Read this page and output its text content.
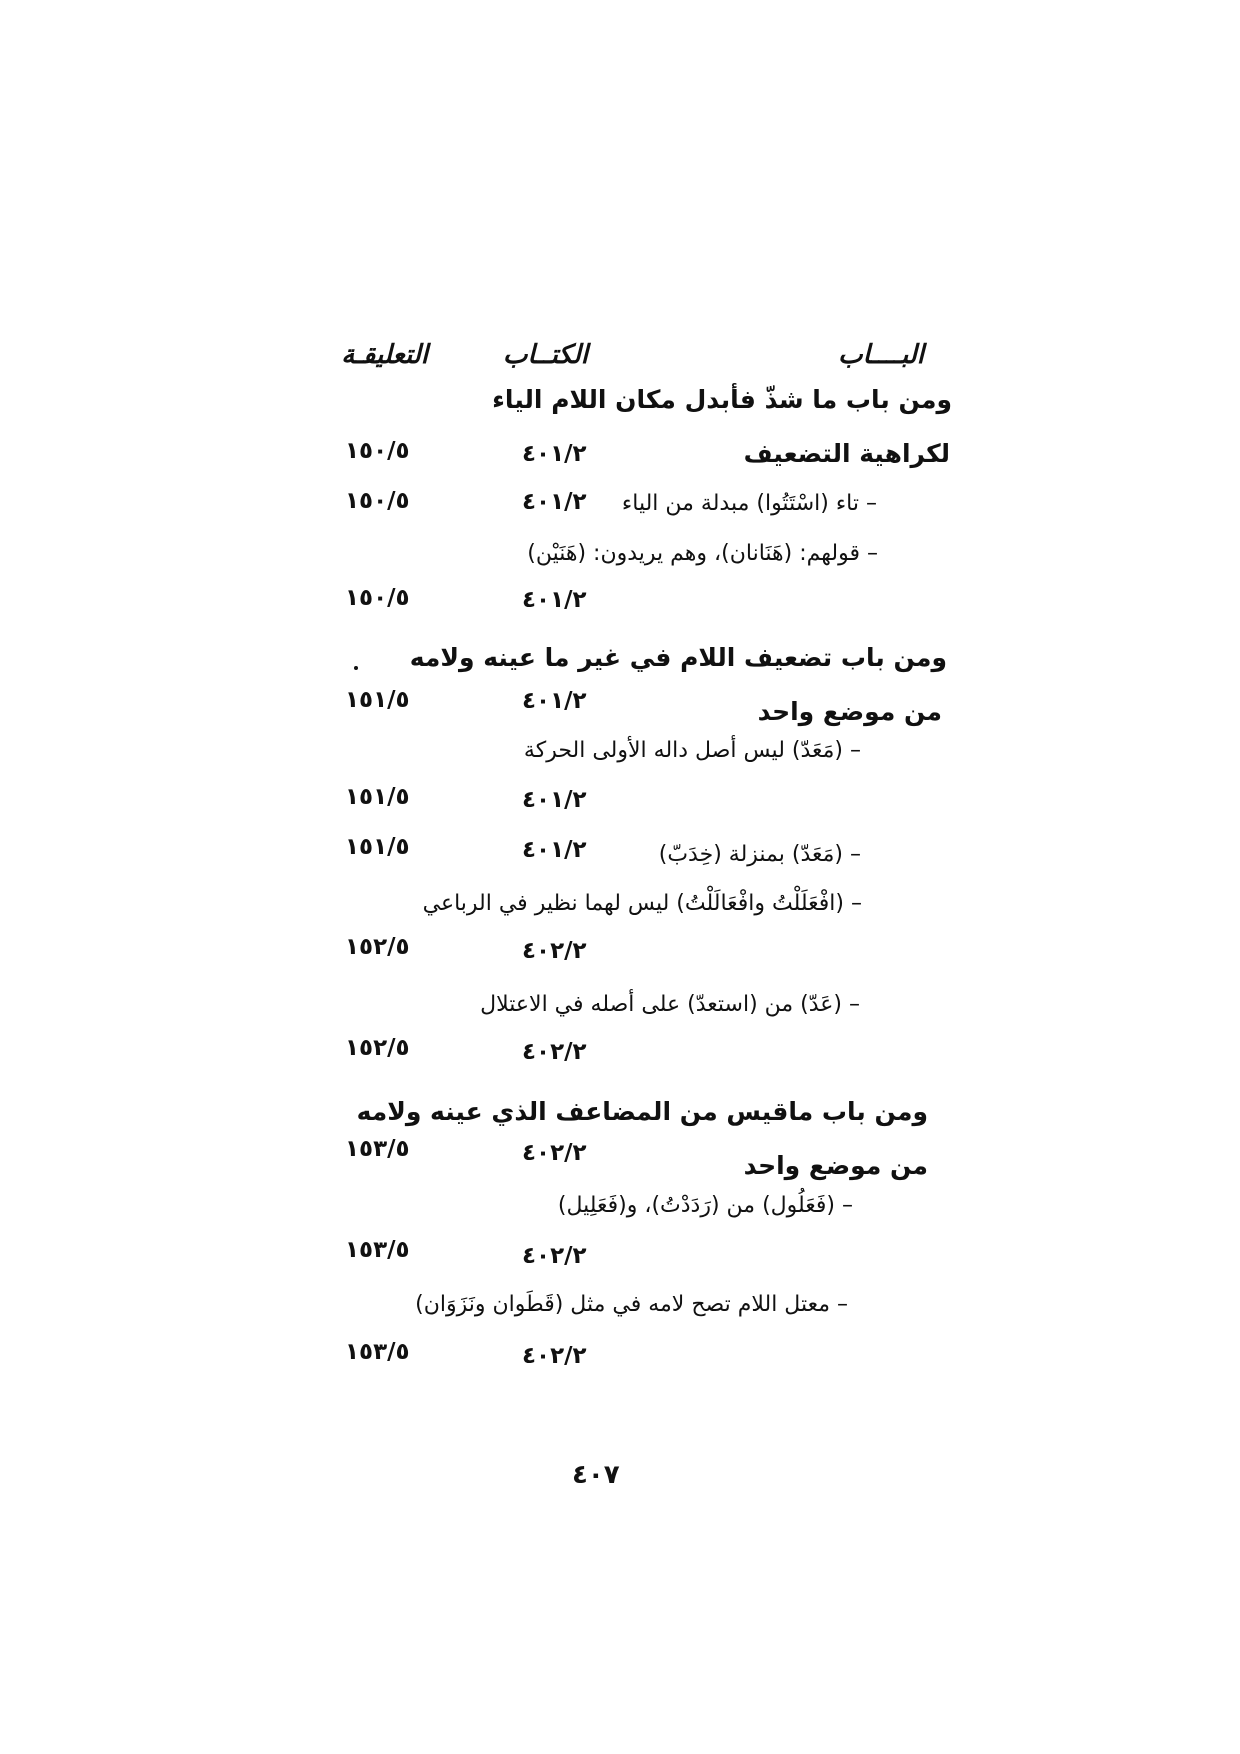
البــــاب
الكتــاب
التعليقـة
ومن باب ما شذّ فأبدل مكان اللام الياء
لكراهية التضعيف
٤٠١/٢
١٥٠/٥
– تاء (اسْتَتُوا) مبدلة من الياء
٤٠١/٢
١٥٠/٥
– قولهم: (هَنَانان)، وهم يريدون: (هَنَيْن)
٤٠١/٢
١٥٠/٥
ومن باب تضعيف اللام في غير ما عينه ولامه
من موضع واحد
٤٠١/٢
١٥١/٥
– (مَعَدّ) ليس أصل داله الأولى الحركة
٤٠١/٢
١٥١/٥
– (مَعَدّ) بمنزلة (خِدَبّ)
٤٠١/٢
١٥١/٥
– (افْعَلَلْتُ وافْعَالَلْتُ) ليس لهما نظير في الرباعي
٤٠٢/٢
١٥٢/٥
– (عَدّ) من (استعدّ) على أصله في الاعتلال
٤٠٢/٢
١٥٢/٥
ومن باب ماقيس من المضاعف الذي عينه ولامه
من موضع واحد
٤٠٢/٢
١٥٣/٥
– (فَعَلُول) من (رَدَدْتُ)، و(فَعَلِيل)
٤٠٢/٢
١٥٣/٥
– معتل اللام تصح لامه في مثل (قَطَوان ونَزَوَان)
٤٠٢/٢
١٥٣/٥
٤٠٧
